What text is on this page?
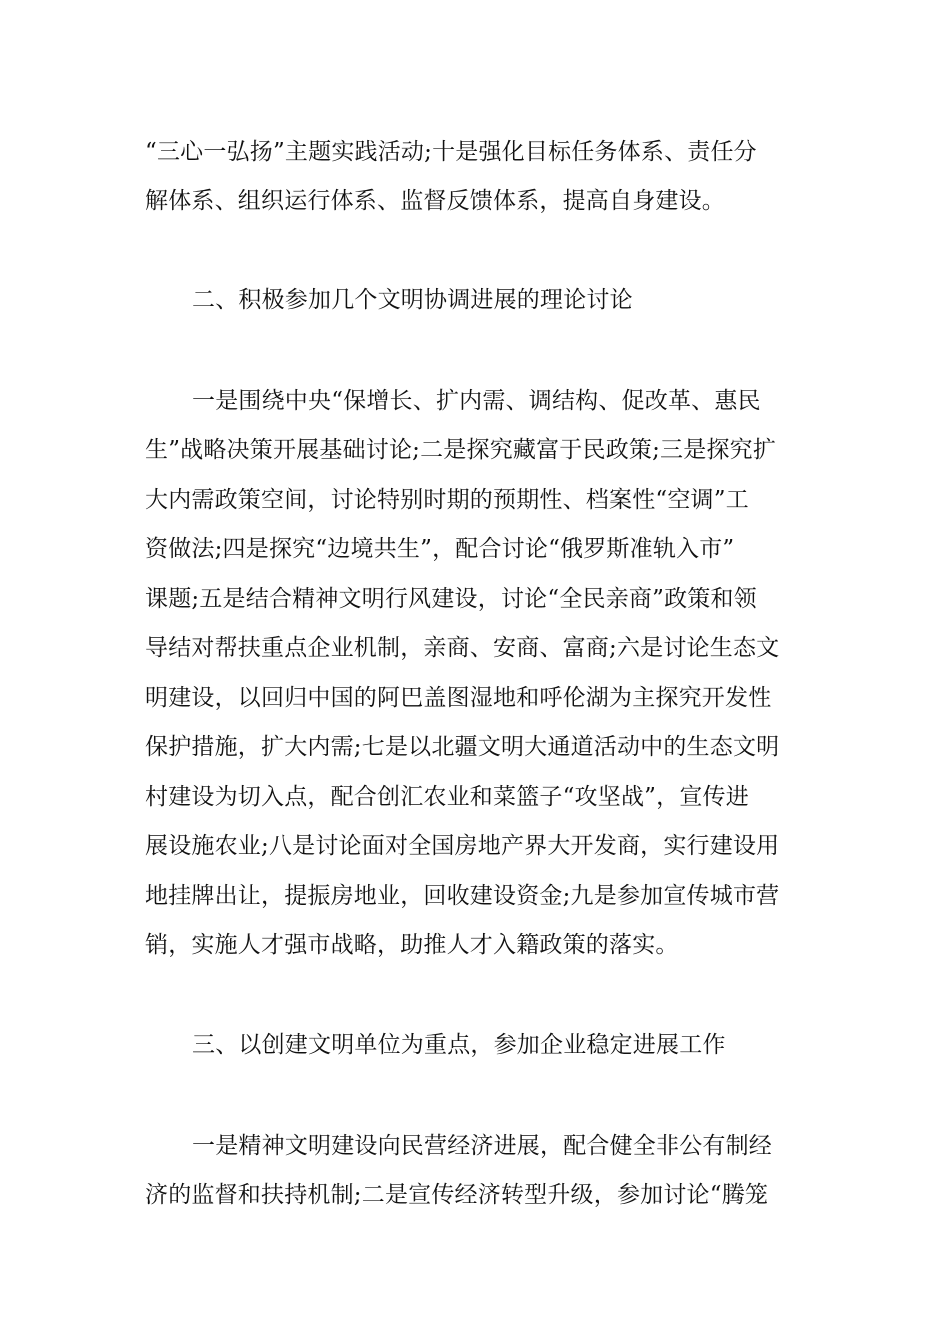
“三心一弘扬”主题实践活动;十是强化目标任务体系、责任分
解体系、组织运行体系、监督反馈体系，提高自身建设。
二、积极参加几个文明协调进展的理论讨论
一是围绕中央“保增长、扩内需、调结构、促改革、惠民
生”战略决策开展基础讨论;二是探究藏富于民政策;三是探究扩
大内需政策空间，讨论特别时期的预期性、档案性“空调”工
资做法;四是探究“边境共生”，配合讨论“俄罗斯准轨入市”
课题;五是结合精神文明行风建设，讨论“全民亲商”政策和领
导结对帮扶重点企业机制，亲商、安商、富商;六是讨论生态文
明建设，以回归中国的阿巴盖图湿地和呼伦湖为主探究开发性
保护措施，扩大内需;七是以北疆文明大通道活动中的生态文明
村建设为切入点，配合创汇农业和菜篮子“攻坚战”，宣传进
展设施农业;八是讨论面对全国房地产界大开发商，实行建设用
地挂牌出让，提振房地业，回收建设资金;九是参加宣传城市营
销，实施人才强市战略，助推人才入籍政策的落实。
三、以创建文明单位为重点，参加企业稳定进展工作
一是精神文明建设向民营经济进展，配合健全非公有制经
济的监督和扶持机制;二是宣传经济转型升级，参加讨论“腾笼
